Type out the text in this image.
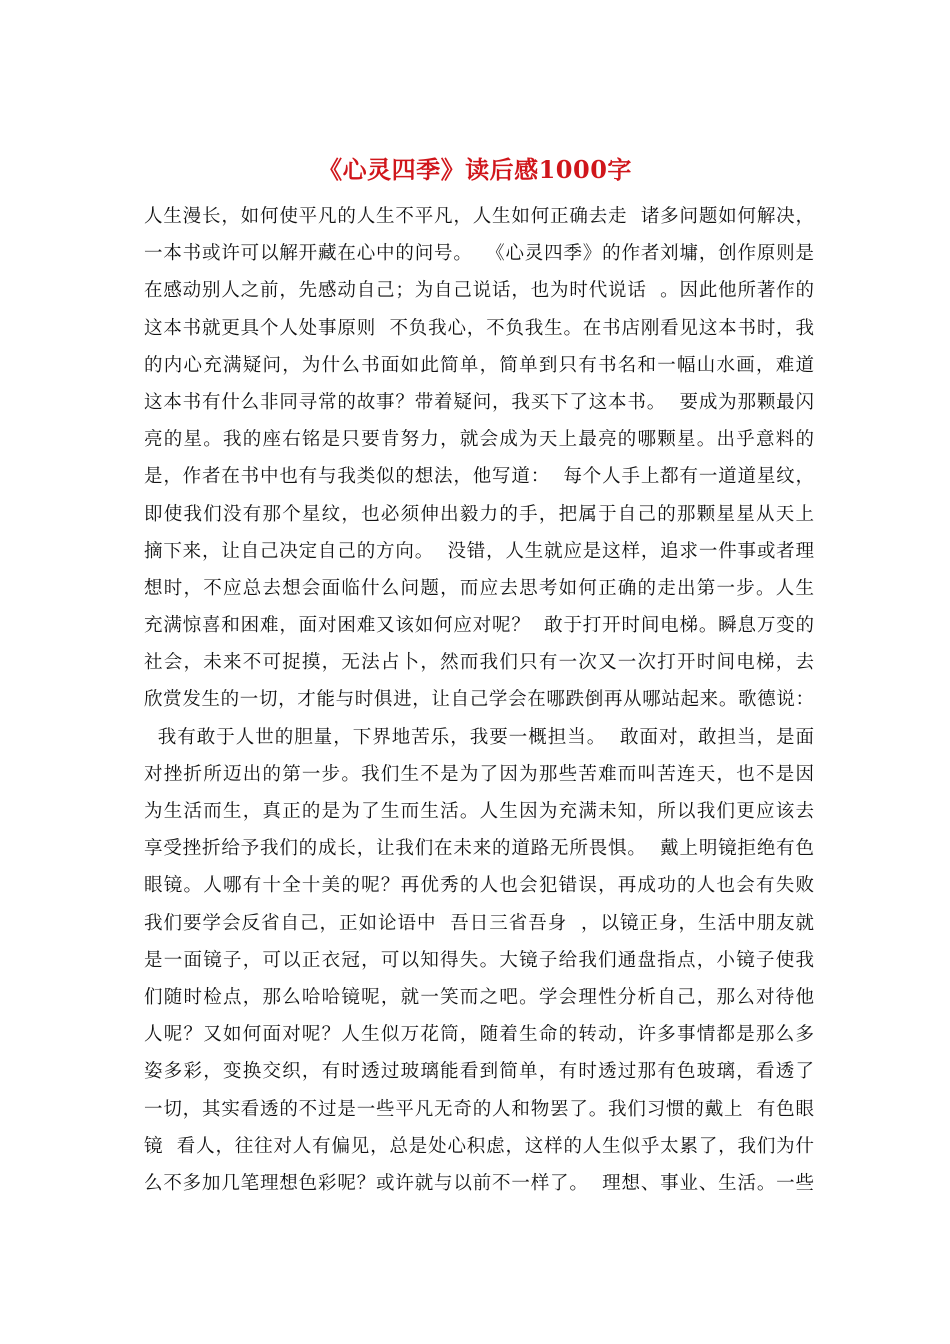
《心灵四季》读后感1000字
人生漫长，如何使平凡的人生不平凡，人生如何正确去走  诸多问题如何解决，
一本书或许可以解开藏在心中的问号。  《心灵四季》的作者刘墉，创作原则是
在感动别人之前，先感动自己；为自己说话，也为时代说话  。因此他所著作的
这本书就更具个人处事原则  不负我心，不负我生。在书店刚看见这本书时，我
的内心充满疑问，为什么书面如此简单，简单到只有书名和一幅山水画，难道
这本书有什么非同寻常的故事？带着疑问，我买下了这本书。  要成为那颗最闪
亮的星。我的座右铭是只要肯努力，就会成为天上最亮的哪颗星。出乎意料的
是，作者在书中也有与我类似的想法，他写道：  每个人手上都有一道道星纹，
即使我们没有那个星纹，也必须伸出毅力的手，把属于自己的那颗星星从天上
摘下来，让自己决定自己的方向。  没错，人生就应是这样，追求一件事或者理
想时，不应总去想会面临什么问题，而应去思考如何正确的走出第一步。人生
充满惊喜和困难，面对困难又该如何应对呢？  敢于打开时间电梯。瞬息万变的
社会，未来不可捉摸，无法占卜，然而我们只有一次又一次打开时间电梯，去
欣赏发生的一切，才能与时俱进，让自己学会在哪跌倒再从哪站起来。歌德说：
我有敢于人世的胆量，下界地苦乐，我要一概担当。  敢面对，敢担当，是面
对挫折所迈出的第一步。我们生不是为了因为那些苦难而叫苦连天，也不是因
为生活而生，真正的是为了生而生活。人生因为充满未知，所以我们更应该去
享受挫折给予我们的成长，让我们在未来的道路无所畏惧。  戴上明镜拒绝有色
眼镜。人哪有十全十美的呢？再优秀的人也会犯错误，再成功的人也会有失败
我们要学会反省自己，正如论语中  吾日三省吾身  ，以镜正身，生活中朋友就
是一面镜子，可以正衣冠，可以知得失。大镜子给我们通盘指点，小镜子使我
们随时检点，那么哈哈镜呢，就一笑而之吧。学会理性分析自己，那么对待他
人呢？又如何面对呢？人生似万花筒，随着生命的转动，许多事情都是那么多
姿多彩，变换交织，有时透过玻璃能看到简单，有时透过那有色玻璃，看透了
一切，其实看透的不过是一些平凡无奇的人和物罢了。我们习惯的戴上  有色眼
镜  看人，往往对人有偏见，总是处心积虑，这样的人生似乎太累了，我们为什
么不多加几笔理想色彩呢？或许就与以前不一样了。  理想、事业、生活。一些
